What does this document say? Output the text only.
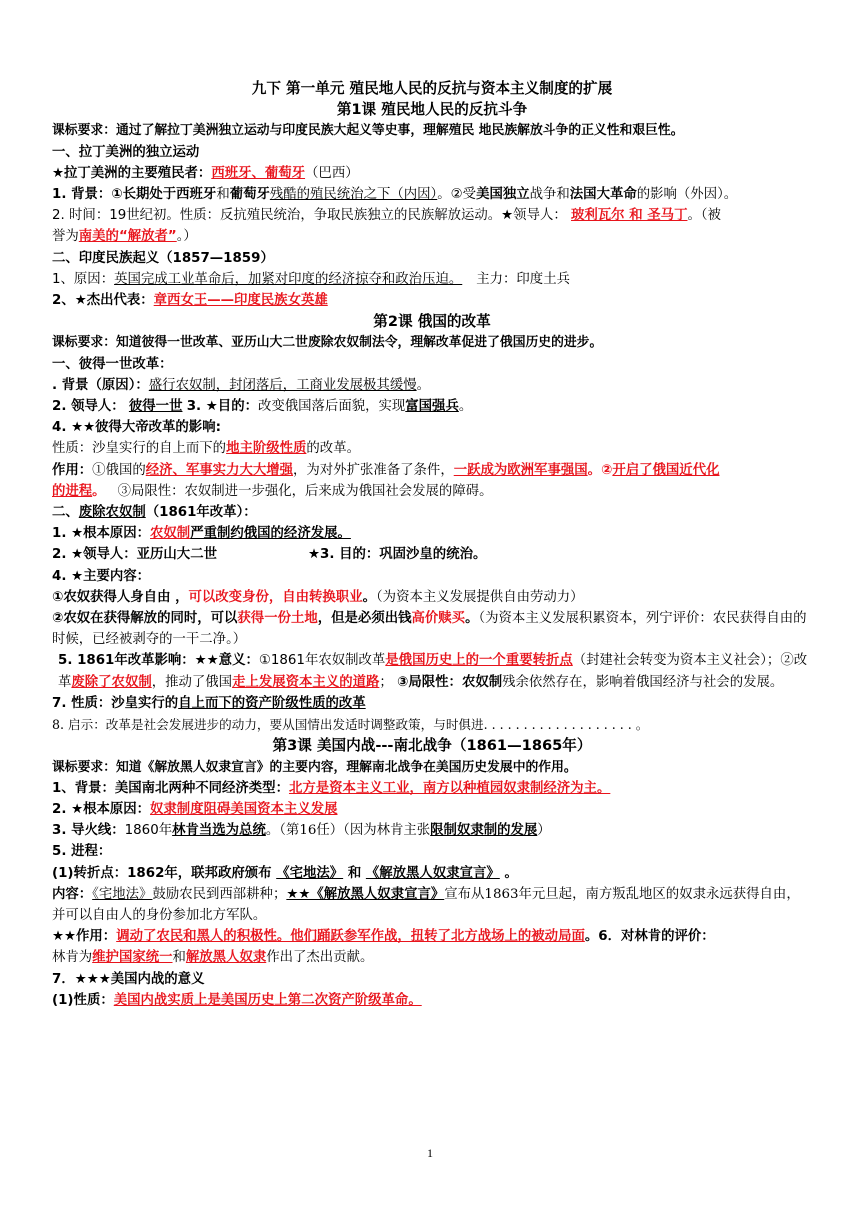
九下 第一单元 殖民地人民的反抗与资本主义制度的扩展
第1课 殖民地人民的反抗斗争
课标要求：通过了解拉丁美洲独立运动与印度民族大起义等史事，理解殖民 地民族解放斗争的正义性和艰巨性。
一、拉丁美洲的独立运动
★拉丁美洲的主要殖民者：西班牙、葡萄牙（巴西）
1. 背景：①长期处于西班牙和葡萄牙残酷的殖民统治之下（内因）。②受美国独立战争和法国大革命的影响（外因）。
2. 时间：19世纪初。性质：反抗殖民统治，争取民族独立的民族解放运动。★领导人： 玻利瓦尔 和 圣马丁。（被
誉为南美的“解放者”。）
二、印度民族起义（1857—1859）
1、原因：英国完成工业革命后，加紧对印度的经济掠夺和政治压迫。 主力：印度土兵
2、★杰出代表：章西女王——印度民族女英雄
第2课 俄国的改革
课标要求：知道彼得一世改革、亚历山大二世废除农奴制法令，理解改革促进了俄国历史的进步。
一、彼得一世改革：
. 背景（原因）：盛行农奴制，封闭落后，工商业发展极其缓慢。
2. 领导人： 彼得一世 3. ★目的：改变俄国落后面貌，实现富国强兵。
4. ★★彼得大帝改革的影响:
性质：沙皇实行的自上而下的地主阶级性质的改革。
作用：①俄国的经济、军事实力大大增强，为对外扩张准备了条件，一跃成为欧洲军事强国。②开启了俄国近代化
的进程。 ③局限性：农奴制进一步强化，后来成为俄国社会发展的障碍。
二、废除农奴制（1861年改革）：
1. ★根本原因：农奴制严重制约俄国的经济发展。
2. ★领导人：亚历山大二世	★3. 目的：巩固沙皇的统治。
4. ★主要内容：
①农奴获得人身自由 ，可以改变身份，自由转换职业。（为资本主义发展提供自由劳动力）
②农奴在获得解放的同时，可以获得一份土地，但是必须出钱高价赎买。（为资本主义发展积累资本，列宁评价：农民获得自由的时候，已经被剥夺的一干二净。）
5. 1861年改革影响：★★意义：①1861年农奴制改革是俄国历史上的一个重要转折点（封建社会转变为资本主义社会）；②改革废除了农奴制，推动了俄国走上发展资本主义的道路； ③局限性：农奴制残余依然存在，影响着俄国经济与社会的发展。
7. 性质：沙皇实行的自上而下的资产阶级性质的改革
8. 启示：改革是社会发展进步的动力，要从国情出发适时调整政策，与时俱进. . . . . . . . . . . . . . . . . . . 。
第3课 美国内战---南北战争（1861—1865年）
课标要求：知道《解放黑人奴隶宣言》的主要内容，理解南北战争在美国历史发展中的作用。
1、背景：美国南北两种不同经济类型：北方是资本主义工业，南方以种植园奴隶制经济为主。
2. ★根本原因：奴隶制度阻碍美国资本主义发展
3. 导火线：1860年林肯当选为总统。（第16任）（因为林肯主张限制奴隶制的发展）
5. 进程：
(1)转折点：1862年，联邦政府颁布 《宅地法》 和 《解放黑人奴隶宣言》 。
内容：《宅地法》鼓励农民到西部耕种；★★《解放黑人奴隶宣言》宣布从1863年元旦起，南方叛乱地区的奴隶永远获得自由，并可以自由人的身份参加北方军队。
★★作用：调动了农民和黑人的积极性。他们踊跃参军作战，扭转了北方战场上的被动局面。6．对林肯的评价：
林肯为维护国家统一和解放黑人奴隶作出了杰出贡献。
7．★★★美国内战的意义
(1)性质：美国内战实质上是美国历史上第二次资产阶级革命。
1
